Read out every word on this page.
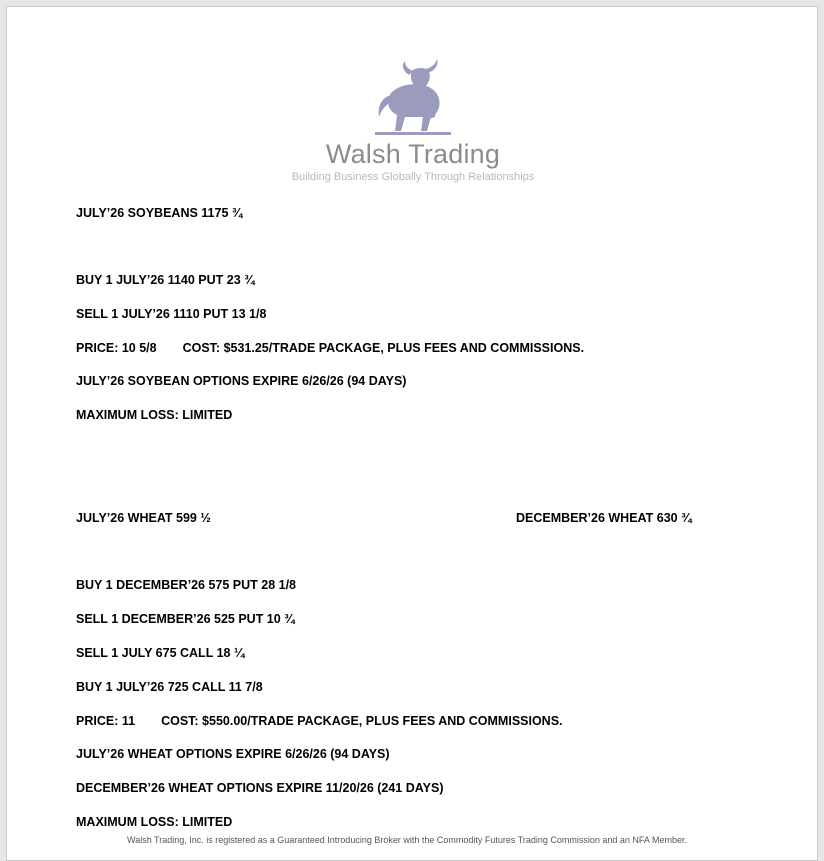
Walsh Trading
Building Business Globally Through Relationships
JULY’26 SOYBEANS 1175 ¾
BUY 1 JULY’26 1140 PUT 23 ¾
SELL 1 JULY’26 1110 PUT 13 1/8
PRICE: 10 5/8 COST: $531.25/TRADE PACKAGE, PLUS FEES AND COMMISSIONS.
JULY’26 SOYBEAN OPTIONS EXPIRE 6/26/26 (94 DAYS)
MAXIMUM LOSS: LIMITED
JULY’26 WHEAT 599 ½	DECEMBER’26 WHEAT 630 ¾
BUY 1 DECEMBER’26 575 PUT 28 1/8
SELL 1 DECEMBER’26 525 PUT 10 ¾
SELL 1 JULY 675 CALL 18 ¼
BUY 1 JULY’26 725 CALL 11 7/8
PRICE: 11 COST: $550.00/TRADE PACKAGE, PLUS FEES AND COMMISSIONS.
JULY’26 WHEAT OPTIONS EXPIRE 6/26/26 (94 DAYS)
DECEMBER’26 WHEAT OPTIONS EXPIRE 11/20/26 (241 DAYS)
MAXIMUM LOSS: LIMITED
Walsh Trading, Inc. is registered as a Guaranteed Introducing Broker with the Commodity Futures Trading Commission and an NFA Member.
